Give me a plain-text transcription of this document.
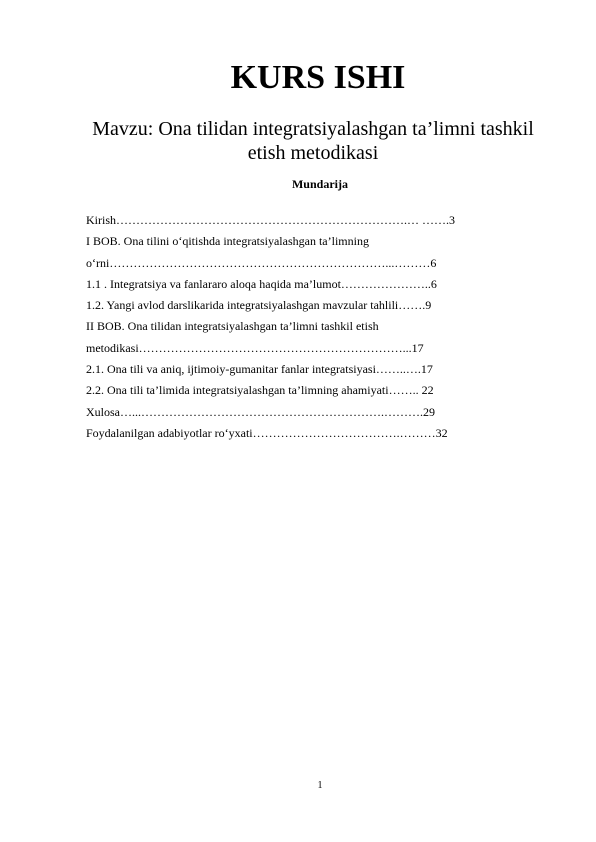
KURS ISHI
Mavzu: Ona tilidan integratsiyalashgan ta’limni tashkil etish metodikasi
Mundarija
Kirish……………………………………………………………….… …….3
I BOB. Ona tilini o‘qitishda integratsiyalashgan ta’limning
o‘rni……………………………………………………………...………6
1.1 . Integratsiya va fanlararo aloqa haqida ma’lumot…………………..6
1.2. Yangi avlod darslikarida integratsiyalashgan mavzular tahlili…….9
II BOB. Ona tilidan integratsiyalashgan ta’limni tashkil etish
metodikasi…………………………………………………………...17
2.1. Ona tili va aniq, ijtimoiy-gumanitar fanlar integratsiyasi……..….17
2.2. Ona tili ta’limida integratsiyalashgan ta’limning ahamiyati…….. 22
Xulosa…...…………………………………………………….……….29
Foydalanilgan adabiyotlar ro‘yxati……………………………….………32
1
